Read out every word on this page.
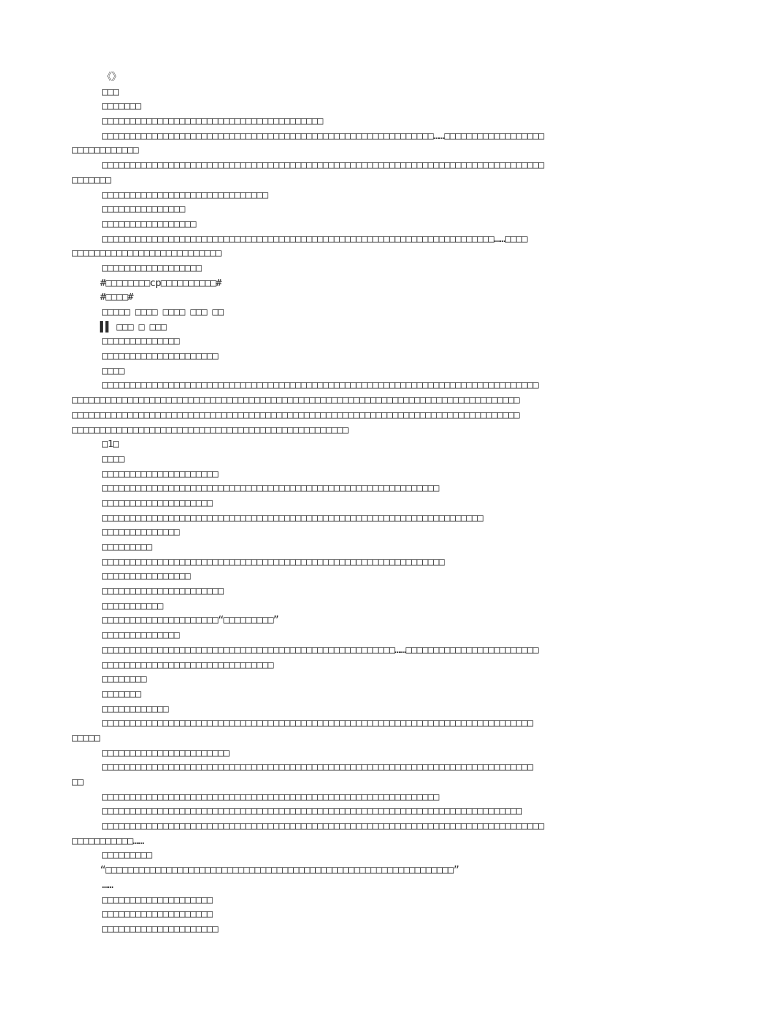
《》
□□□
□□□□□□□
□□□□□□□□□□□□□□□□□□□□□□□□□□□□□□□□□□□□□□□□
□□□□□□□□□□□□□□□□□□□□□□□□□□□□□□□□□□□□□□□□□□□□□□□□□□□□□□□□□□□□……□□□□□□□□□□□□□□□□□□
□□□□□□□□□□□□
□□□□□□□□□□□□□□□□□□□□□□□□□□□□□□□□□□□□□□□□□□□□□□□□□□□□□□□□□□□□□□□□□□□□□□□□□□□□□□□□
□□□□□□□
□□□□□□□□□□□□□□□□□□□□□□□□□□□□□□
□□□□□□□□□□□□□□□
□□□□□□□□□□□□□□□□□
□□□□□□□□□□□□□□□□□□□□□□□□□□□□□□□□□□□□□□□□□□□□□□□□□□□□□□□□□□□□□□□□□□□□□□□……□□□□
□□□□□□□□□□□□□□□□□□□□□□□□□□□
□□□□□□□□□□□□□□□□□□
#□□□□□□□□cp□□□□□□□□□□#
#□□□□#
□□□□□ □□□□ □□□□ □□□ □□
▌▌ □□□ □ □□□
□□□□□□□□□□□□□□
□□□□□□□□□□□□□□□□□□□□□
□□□□
□□□□□□□□□□□□□□□□□□□□□□□□□□□□□□□□□□□□□□□□□□□□□□□□□□□□□□□□□□□□□□□□□□□□□□□□□□□□□□□
□□□□□□□□□□□□□□□□□□□□□□□□□□□□□□□□□□□□□□□□□□□□□□□□□□□□□□□□□□□□□□□□□□□□□□□□□□□□□□□□□
□□□□□□□□□□□□□□□□□□□□□□□□□□□□□□□□□□□□□□□□□□□□□□□□□□□□□□□□□□□□□□□□□□□□□□□□□□□□□□□□□
□□□□□□□□□□□□□□□□□□□□□□□□□□□□□□□□□□□□□□□□□□□□□□□□□□
□1□
□□□□
□□□□□□□□□□□□□□□□□□□□□
□□□□□□□□□□□□□□□□□□□□□□□□□□□□□□□□□□□□□□□□□□□□□□□□□□□□□□□□□□□□□
□□□□□□□□□□□□□□□□□□□□
□□□□□□□□□□□□□□□□□□□□□□□□□□□□□□□□□□□□□□□□□□□□□□□□□□□□□□□□□□□□□□□□□□□□□
□□□□□□□□□□□□□□
□□□□□□□□□
□□□□□□□□□□□□□□□□□□□□□□□□□□□□□□□□□□□□□□□□□□□□□□□□□□□□□□□□□□□□□□
□□□□□□□□□□□□□□□□
□□□□□□□□□□□□□□□□□□□□□□
□□□□□□□□□□□
□□□□□□□□□□□□□□□□□□□□□“□□□□□□□□□”
□□□□□□□□□□□□□□
□□□□□□□□□□□□□□□□□□□□□□□□□□□□□□□□□□□□□□□□□□□□□□□□□□□□□……□□□□□□□□□□□□□□□□□□□□□□□□
□□□□□□□□□□□□□□□□□□□□□□□□□□□□□□□
□□□□□□□□
□□□□□□□
□□□□□□□□□□□□
□□□□□□□□□□□□□□□□□□□□□□□□□□□□□□□□□□□□□□□□□□□□□□□□□□□□□□□□□□□□□□□□□□□□□□□□□□□□□□
□□□□□
□□□□□□□□□□□□□□□□□□□□□□□
□□□□□□□□□□□□□□□□□□□□□□□□□□□□□□□□□□□□□□□□□□□□□□□□□□□□□□□□□□□□□□□□□□□□□□□□□□□□□□
□□
□□□□□□□□□□□□□□□□□□□□□□□□□□□□□□□□□□□□□□□□□□□□□□□□□□□□□□□□□□□□□
□□□□□□□□□□□□□□□□□□□□□□□□□□□□□□□□□□□□□□□□□□□□□□□□□□□□□□□□□□□□□□□□□□□□□□□□□□□□
□□□□□□□□□□□□□□□□□□□□□□□□□□□□□□□□□□□□□□□□□□□□□□□□□□□□□□□□□□□□□□□□□□□□□□□□□□□□□□□□
□□□□□□□□□□□……
□□□□□□□□□
“□□□□□□□□□□□□□□□□□□□□□□□□□□□□□□□□□□□□□□□□□□□□□□□□□□□□□□□□□□□□□□□”
……
□□□□□□□□□□□□□□□□□□□□
□□□□□□□□□□□□□□□□□□□□
□□□□□□□□□□□□□□□□□□□□□
